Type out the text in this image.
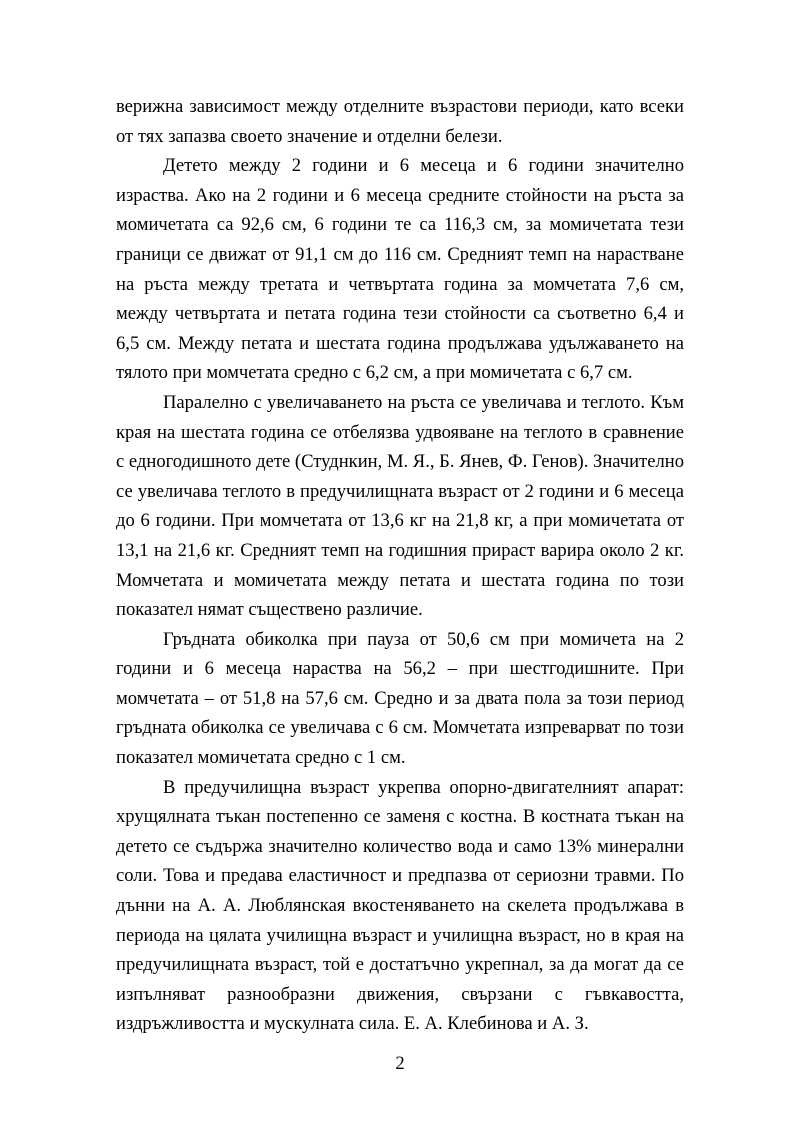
верижна зависимост между отделните възрастови периоди, като всеки от тях запазва своето значение и отделни белези.

Детето между 2 години и 6 месеца и 6 години значително израства. Ако на 2 години и 6 месеца средните стойности на ръста за момичетата са 92,6 см, 6 години те са 116,3 см, за момичетата тези граници се движат от 91,1 см до 116 см. Средният темп на нарастване на ръста между третата и четвъртата година за момчетата 7,6 см, между четвъртата и петата година тези стойности са съответно 6,4 и 6,5 см. Между петата и шестата година продължава удължаването на тялото при момчетата средно с 6,2 см, а при момичетата с 6,7 см.

Паралелно с увеличаването на ръста се увеличава и теглото. Към края на шестата година се отбелязва удвояване на теглото в сравнение с едногодишното дете (Студнкин, М. Я., Б. Янев, Ф. Генов). Значително се увеличава теглото в предучилищната възраст от 2 години и 6 месеца до 6 години. При момчетата от 13,6 кг на 21,8 кг, а при момичетата от 13,1 на 21,6 кг. Средният темп на годишния прираст варира около 2 кг. Момчетата и момичетата между петата и шестата година по този показател нямат съществено различие.

Гръдната обиколка при пауза от 50,6 см при момичета на 2 години и 6 месеца нараства на 56,2 – при шестгодишните. При момчетата – от 51,8 на 57,6 см. Средно и за двата пола за този период гръдната обиколка се увеличава с 6 см. Момчетата изпреварват по този показател момичетата средно с 1 см.

В предучилищна възраст укрепва опорно-двигателният апарат: хрущялната тъкан постепенно се заменя с костна. В костната тъкан на детето се съдържа значително количество вода и само 13% минерални соли. Това и предава еластичност и предпазва от сериозни травми. По дънни на А. А. Люблянская вкостеняването на скелета продължава в периода на цялата училищна възраст и училищна възраст, но в края на предучилищната възраст, той е достатъчно укрепнал, за да могат да се изпълняват разнообразни движения, свързани с гъвкавостта, издръжливостта и мускулната сила. Е. А. Клебинова и А. З.

2
